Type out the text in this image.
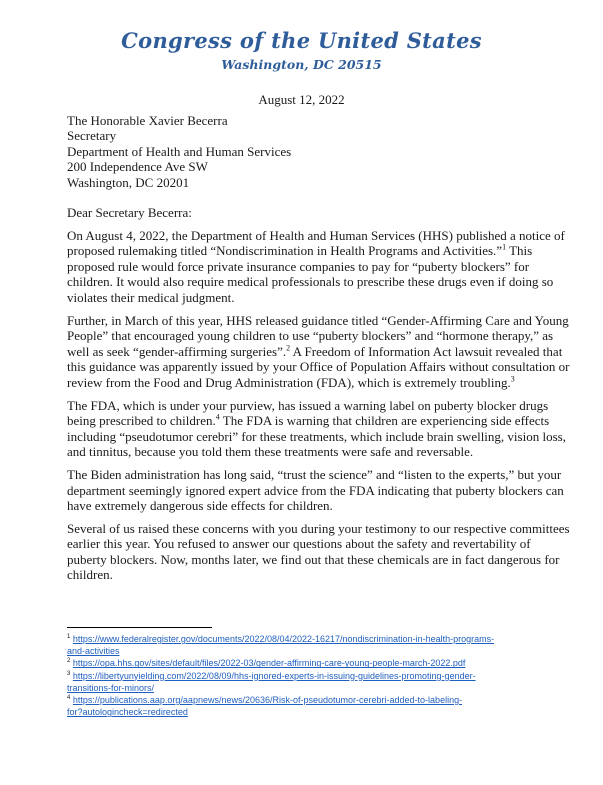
Congress of the United States
Washington, DC 20515
August 12, 2022
The Honorable Xavier Becerra
Secretary
Department of Health and Human Services
200 Independence Ave SW
Washington, DC 20201
Dear Secretary Becerra:
On August 4, 2022, the Department of Health and Human Services (HHS) published a notice of
proposed rulemaking titled “Nondiscrimination in Health Programs and Activities.”$^1$ This
proposed rule would force private insurance companies to pay for “puberty blockers” for
children. It would also require medical professionals to prescribe these drugs even if doing so
violates their medical judgment.
Further, in March of this year, HHS released guidance titled “Gender-Affirming Care and Young
People” that encouraged young children to use “puberty blockers” and “hormone therapy,” as
well as seek “gender-affirming surgeries”.$^2$ A Freedom of Information Act lawsuit revealed that
this guidance was apparently issued by your Office of Population Affairs without consultation or
review from the Food and Drug Administration (FDA), which is extremely troubling.$^3$
The FDA, which is under your purview, has issued a warning label on puberty blocker drugs
being prescribed to children.$^4$ The FDA is warning that children are experiencing side effects
including “pseudotumor cerebri” for these treatments, which include brain swelling, vision loss,
and tinnitus, because you told them these treatments were safe and reversable.
The Biden administration has long said, “trust the science” and “listen to the experts,” but your
department seemingly ignored expert advice from the FDA indicating that puberty blockers can
have extremely dangerous side effects for children.
Several of us raised these concerns with you during your testimony to our respective committees
earlier this year. You refused to answer our questions about the safety and revertability of
puberty blockers. Now, months later, we find out that these chemicals are in fact dangerous for
children.
$^1$ https://www.federalregister.gov/documents/2022/08/04/2022-16217/nondiscrimination-in-health-programs-
and-activities
$^2$ https://opa.hhs.gov/sites/default/files/2022-03/gender-affirming-care-young-people-march-2022.pdf
$^3$ https://libertyunyielding.com/2022/08/09/hhs-ignored-experts-in-issuing-guidelines-promoting-gender-
transitions-for-minors/
$^4$ https://publications.aap.org/aapnews/news/20636/Risk-of-pseudotumor-cerebri-added-to-labeling-
for?autologincheck=redirected
